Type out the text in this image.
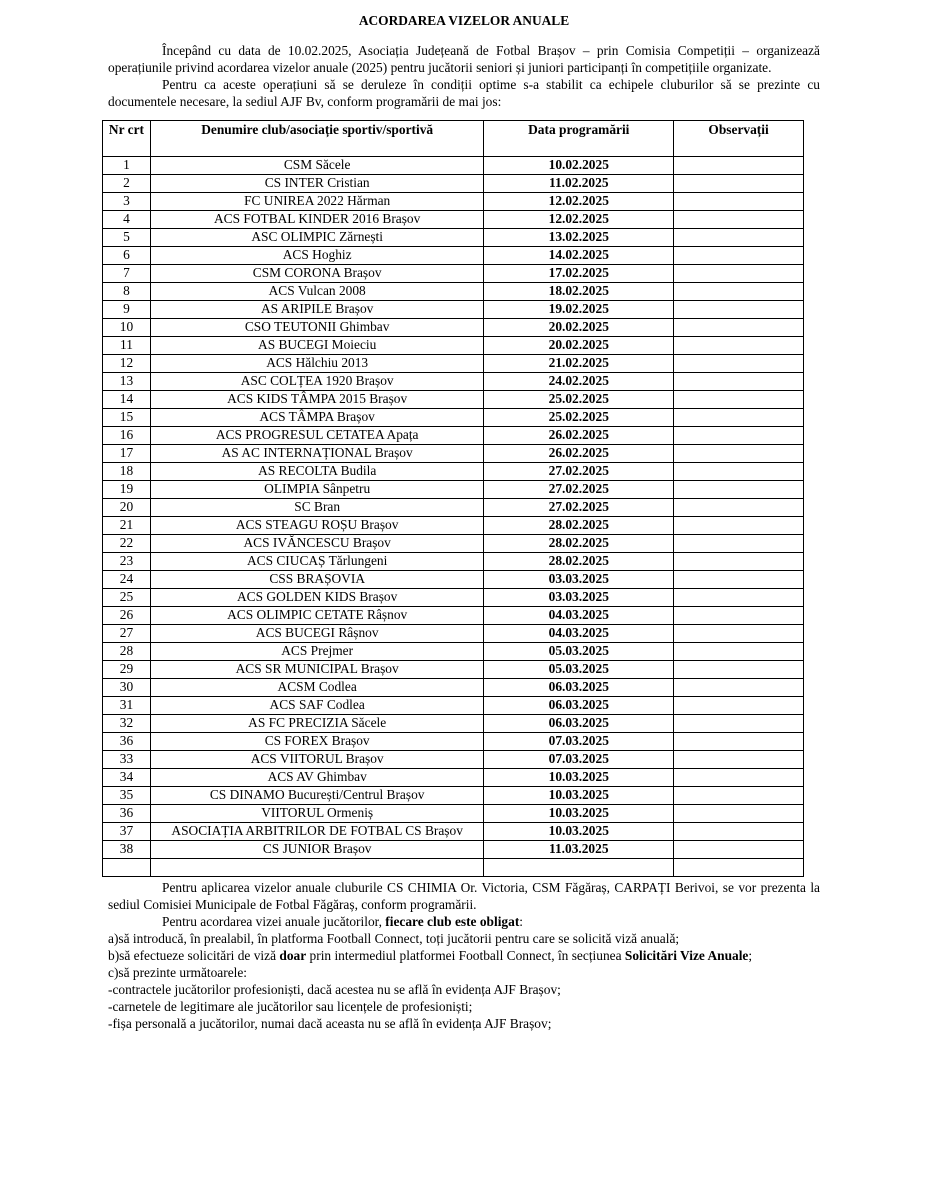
ACORDAREA VIZELOR ANUALE

Începând cu data de 10.02.2025, Asociația Județeană de Fotbal Brașov – prin Comisia Competiții – organizează operațiunile privind acordarea vizelor anuale (2025) pentru jucătorii seniori și juniori participanți în competițiile organizate.

Pentru ca aceste operațiuni să se deruleze în condiții optime s-a stabilit ca echipele cluburilor să se prezinte cu documentele necesare, la sediul AJF Bv, conform programării de mai jos:

Nr crt	Denumire club/asociație sportiv/sportivă	Data programării	Observații
1	CSM Săcele	10.02.2025	
2	CS INTER Cristian	11.02.2025	
3	FC UNIREA 2022 Hărman	12.02.2025	
4	ACS FOTBAL KINDER 2016 Brașov	12.02.2025	
5	ASC OLIMPIC Zărnești	13.02.2025	
6	ACS Hoghiz	14.02.2025	
7	CSM CORONA Brașov	17.02.2025	
8	ACS Vulcan 2008	18.02.2025	
9	AS ARIPILE Brașov	19.02.2025	
10	CSO TEUTONII Ghimbav	20.02.2025	
11	AS BUCEGI Moieciu	20.02.2025	
12	ACS Hălchiu 2013	21.02.2025	
13	ASC COLȚEA 1920 Brașov	24.02.2025	
14	ACS KIDS TÂMPA 2015 Brașov	25.02.2025	
15	ACS TÂMPA Brașov	25.02.2025	
16	ACS PROGRESUL CETATEA Apața	26.02.2025	
17	AS AC INTERNAȚIONAL Brașov	26.02.2025	
18	AS RECOLTA Budila	27.02.2025	
19	OLIMPIA Sânpetru	27.02.2025	
20	SC Bran	27.02.2025	
21	ACS STEAGU ROȘU Brașov	28.02.2025	
22	ACS IVĂNCESCU Brașov	28.02.2025	
23	ACS CIUCAȘ Tărlungeni	28.02.2025	
24	CSS BRAȘOVIA	03.03.2025	
25	ACS GOLDEN KIDS Brașov	03.03.2025	
26	ACS OLIMPIC CETATE Râșnov	04.03.2025	
27	ACS BUCEGI Râșnov	04.03.2025	
28	ACS Prejmer	05.03.2025	
29	ACS SR MUNICIPAL Brașov	05.03.2025	
30	ACSM Codlea	06.03.2025	
31	ACS SAF Codlea	06.03.2025	
32	AS FC PRECIZIA Săcele	06.03.2025	
36	CS FOREX Brașov	07.03.2025	
33	ACS VIITORUL Brașov	07.03.2025	
34	ACS AV Ghimbav	10.03.2025	
35	CS DINAMO București/Centrul Brașov	10.03.2025	
36	VIITORUL Ormeniș	10.03.2025	
37	ASOCIAȚIA ARBITRILOR DE FOTBAL CS Brașov	10.03.2025	
38	CS JUNIOR Brașov	11.03.2025	

Pentru aplicarea vizelor anuale cluburile CS CHIMIA Or. Victoria, CSM Făgăraș, CARPAȚI Berivoi, se vor prezenta la sediul Comisiei Municipale de Fotbal Făgăraș, conform programării.

Pentru acordarea vizei anuale jucătorilor, fiecare club este obligat:

a)să introducă, în prealabil, în platforma Football Connect, toți jucătorii pentru care se solicită viză anuală;

b)să efectueze solicitări de viză doar prin intermediul platformei Football Connect, în secțiunea Solicitări Vize Anuale;

c)să prezinte următoarele:

-contractele jucătorilor profesioniști, dacă acestea nu se află în evidența AJF Brașov;

-carnetele de legitimare ale jucătorilor sau licențele de profesioniști;

-fișa personală a jucătorilor, numai dacă aceasta nu se află în evidența AJF Brașov;
